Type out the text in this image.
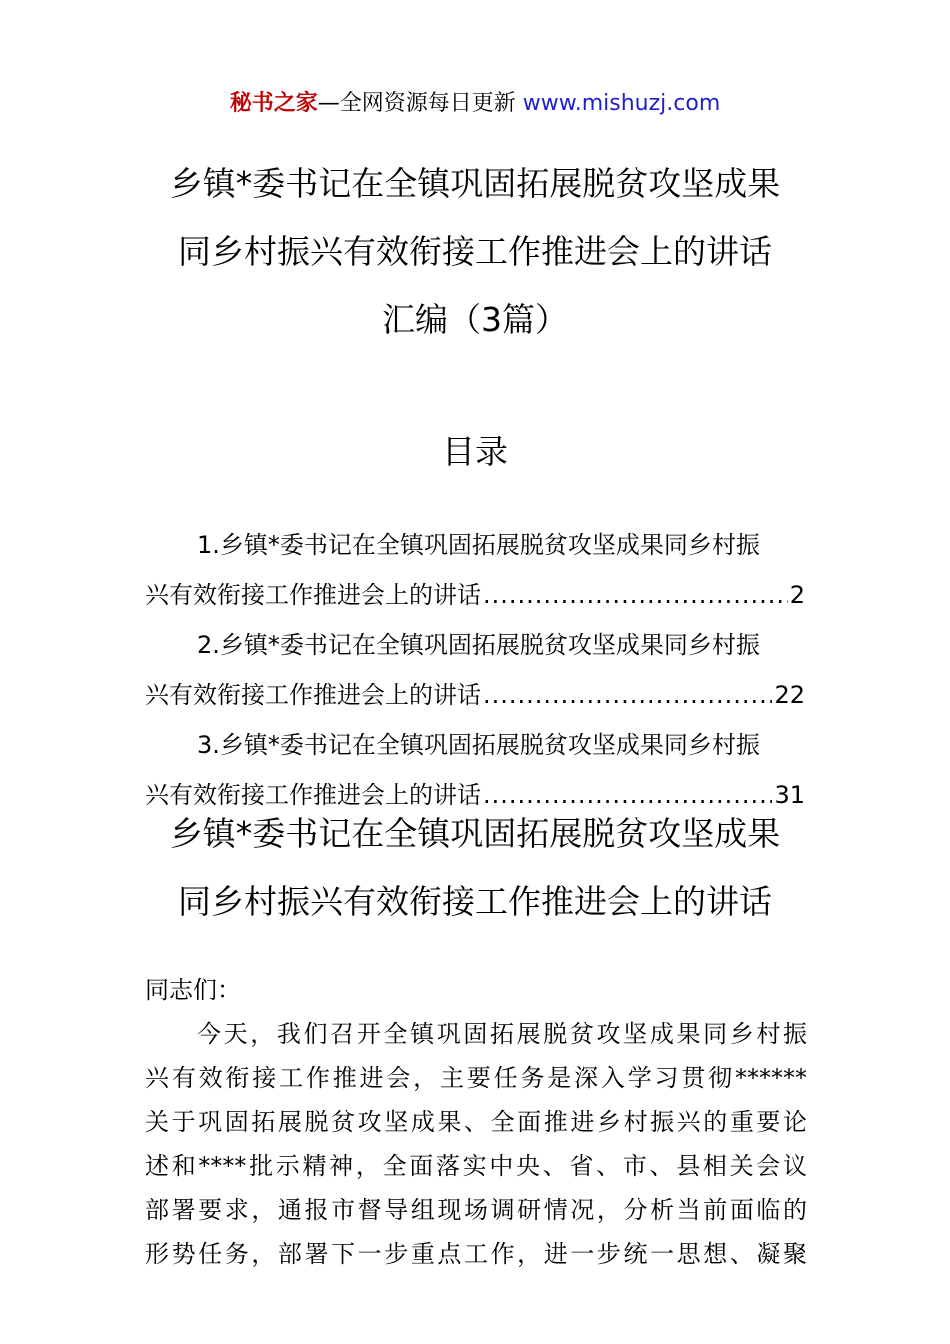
秘书之家—全网资源每日更新 www.mishuzj.com
乡镇*委书记在全镇巩固拓展脱贫攻坚成果
同乡村振兴有效衔接工作推进会上的讲话
汇编（3篇）
目录
1.乡镇*委书记在全镇巩固拓展脱贫攻坚成果同乡村振
兴有效衔接工作推进会上的讲话 .....	2
2.乡镇*委书记在全镇巩固拓展脱贫攻坚成果同乡村振
兴有效衔接工作推进会上的讲话 .....	22
3.乡镇*委书记在全镇巩固拓展脱贫攻坚成果同乡村振
兴有效衔接工作推进会上的讲话 .....	31
乡镇*委书记在全镇巩固拓展脱贫攻坚成果
同乡村振兴有效衔接工作推进会上的讲话
同志们：
今天，我们召开全镇巩固拓展脱贫攻坚成果同乡村振
兴有效衔接工作推进会，主要任务是深入学习贯彻******
关于巩固拓展脱贫攻坚成果、全面推进乡村振兴的重要论
述和****批示精神，全面落实中央、省、市、县相关会议
部署要求，通报市督导组现场调研情况，分析当前面临的
形势任务，部署下一步重点工作，进一步统一思想、凝聚
